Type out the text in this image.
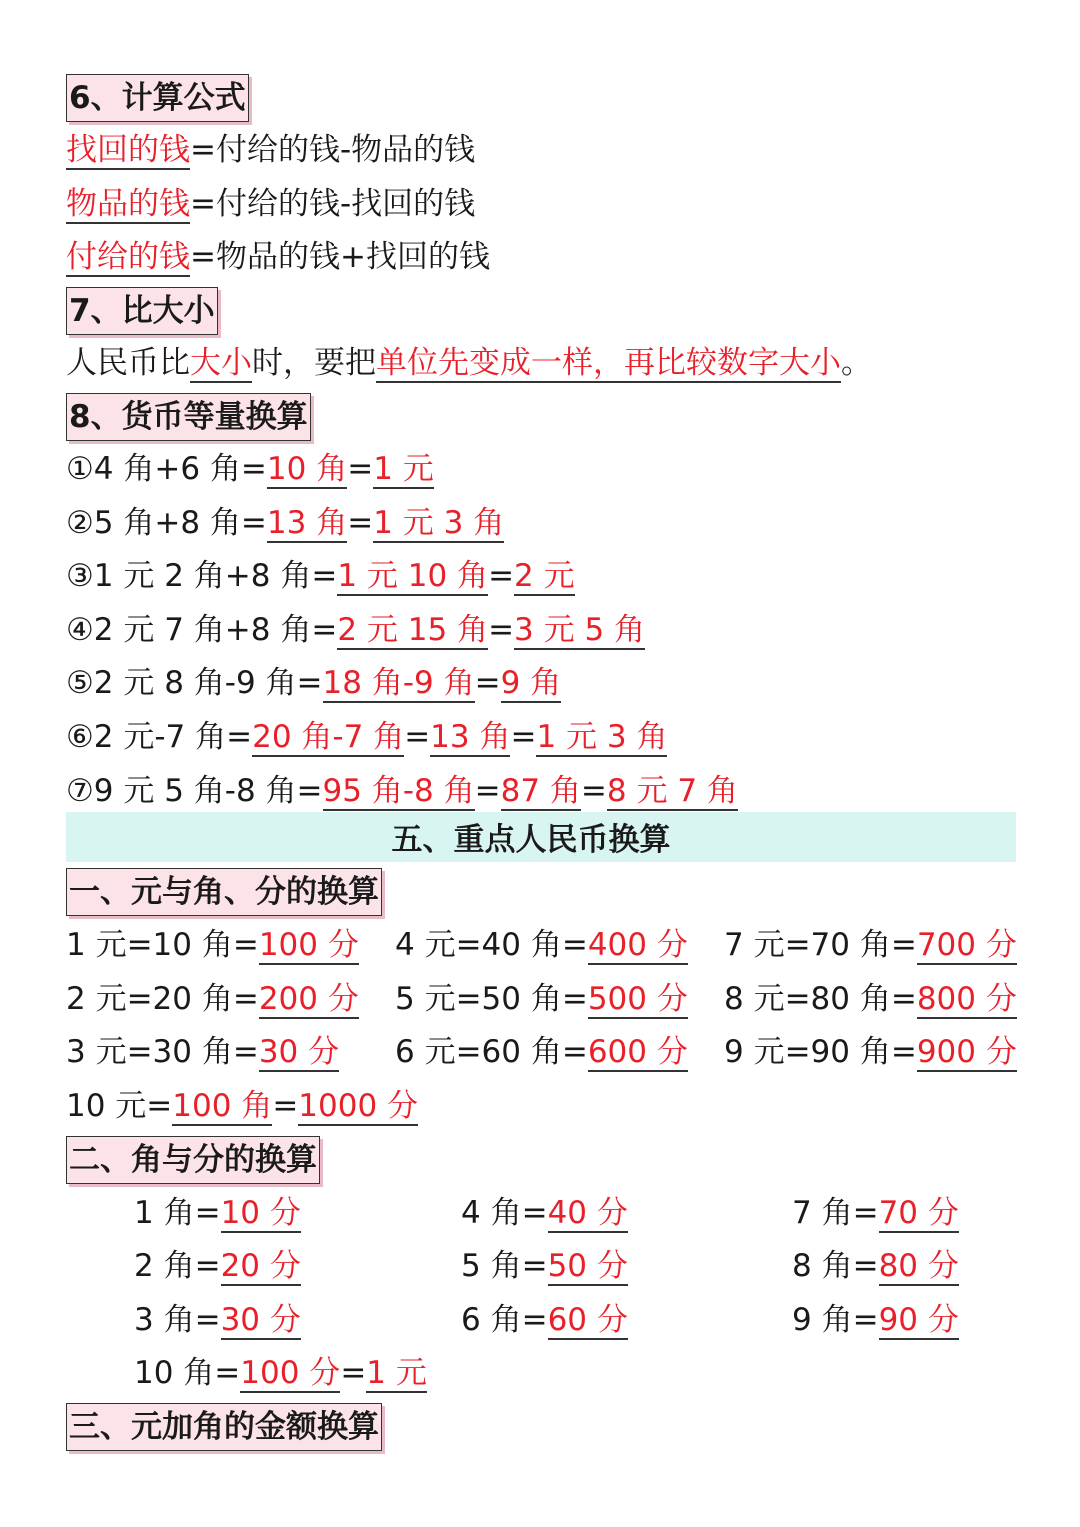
6、计算公式
找回的钱=付给的钱-物品的钱
物品的钱=付给的钱-找回的钱
付给的钱=物品的钱+找回的钱
7、比大小
人民币比大小时，要把单位先变成一样，再比较数字大小。
8、货币等量换算
①4 角+6 角=10 角=1 元
②5 角+8 角=13 角=1 元 3 角
③1 元 2 角+8 角=1 元 10 角=2 元
④2 元 7 角+8 角=2 元 15 角=3 元 5 角
⑤2 元 8 角-9 角=18 角-9 角=9 角
⑥2 元-7 角=20 角-7 角=13 角=1 元 3 角
⑦9 元 5 角-8 角=95 角-8 角=87 角=8 元 7 角
五、重点人民币换算
一、元与角、分的换算
1 元=10 角=100 分 4 元=40 角=400 分 7 元=70 角=700 分
2 元=20 角=200 分 5 元=50 角=500 分 8 元=80 角=800 分
3 元=30 角=30 分 6 元=60 角=600 分 9 元=90 角=900 分
10 元=100 角=1000 分
二、角与分的换算
1 角=10 分	4 角=40 分	7 角=70 分
2 角=20 分	5 角=50 分	8 角=80 分
3 角=30 分	6 角=60 分	9 角=90 分
10 角=100 分=1 元
三、元加角的金额换算
